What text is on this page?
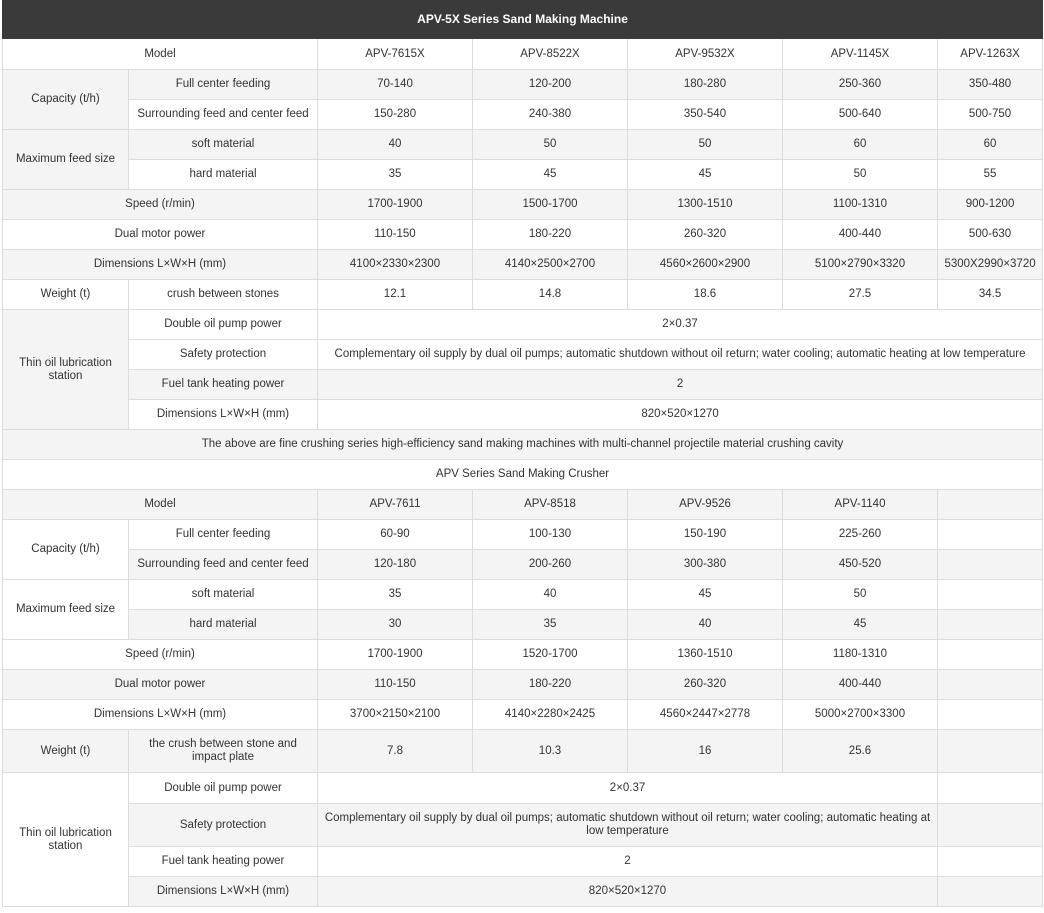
APV-5X Series Sand Making Machine						
Model		APV-7615X	APV-8522X	APV-9532X	APV-1145X	APV-1263X
Capacity (t/h)	Full center feeding	70-140	120-200	180-280	250-360	350-480
	Surrounding feed and center feed	150-280	240-380	350-540	500-640	500-750
Maximum feed size	soft material	40	50	50	60	60
	hard material	35	45	45	50	55
Speed (r/min)		1700-1900	1500-1700	1300-1510	1100-1310	900-1200
Dual motor power		110-150	180-220	260-320	400-440	500-630
Dimensions L×W×H (mm)		4100×2330×2300	4140×2500×2700	4560×2600×2900	5100×2790×3320	5300X2990×3720
Weight (t)	crush between stones	12.1	14.8	18.6	27.5	34.5
Thin oil lubrication station	Double oil pump power	2×0.37				
	Safety protection	Complementary oil supply by dual oil pumps; automatic shutdown without oil return; water cooling; automatic heating at low temperature				
	Fuel tank heating power	2				
	Dimensions L×W×H (mm)	820×520×1270				
The above are fine crushing series high-efficiency sand making machines with multi-channel projectile material crushing cavity						
APV Series Sand Making Crusher						
Model		APV-7611	APV-8518	APV-9526	APV-1140	
Capacity (t/h)	Full center feeding	60-90	100-130	150-190	225-260	
	Surrounding feed and center feed	120-180	200-260	300-380	450-520	
Maximum feed size	soft material	35	40	45	50	
	hard material	30	35	40	45	
Speed (r/min)		1700-1900	1520-1700	1360-1510	1180-1310	
Dual motor power		110-150	180-220	260-320	400-440	
Dimensions L×W×H (mm)		3700×2150×2100	4140×2280×2425	4560×2447×2778	5000×2700×3300	
Weight (t)	the crush between stone and impact plate	7.8	10.3	16	25.6	
Thin oil lubrication station	Double oil pump power	2×0.37				
	Safety protection	Complementary oil supply by dual oil pumps; automatic shutdown without oil return; water cooling; automatic heating at low temperature				
	Fuel tank heating power	2				
	Dimensions L×W×H (mm)	820×520×1270				
